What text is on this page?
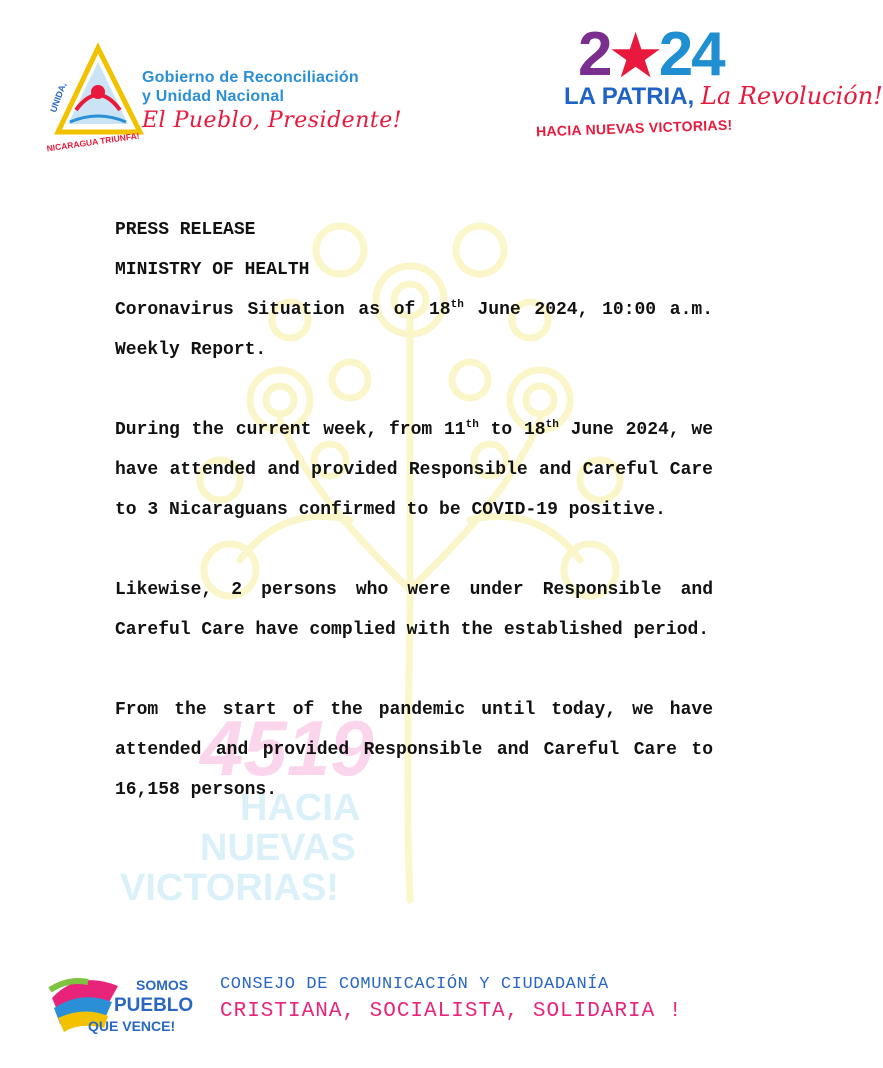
UNIDA,
NICARAGUA TRIUNFA!
Gobierno de Reconciliación
y Unidad Nacional
El Pueblo, Presidente!
2★24
LA PATRIA, La Revolución!
HACIA NUEVAS VICTORIAS!
4519
HACIA
NUEVAS
VICTORIAS!

PRESS RELEASE

MINISTRY OF HEALTH

Coronavirus Situation as of 18th June 2024, 10:00 a.m. Weekly Report.

During the current week, from 11th to 18th June 2024, we have attended and provided Responsible and Careful Care to 3 Nicaraguans confirmed to be COVID-19 positive.

Likewise, 2 persons who were under Responsible and Careful Care have complied with the established period.

From the start of the pandemic until today, we have attended and provided Responsible and Careful Care to 16,158 persons.

SOMOS
PUEBLO
QUE VENCE!
CONSEJO DE COMUNICACIÓN Y CIUDADANÍA
CRISTIANA, SOCIALISTA, SOLIDARIA !
